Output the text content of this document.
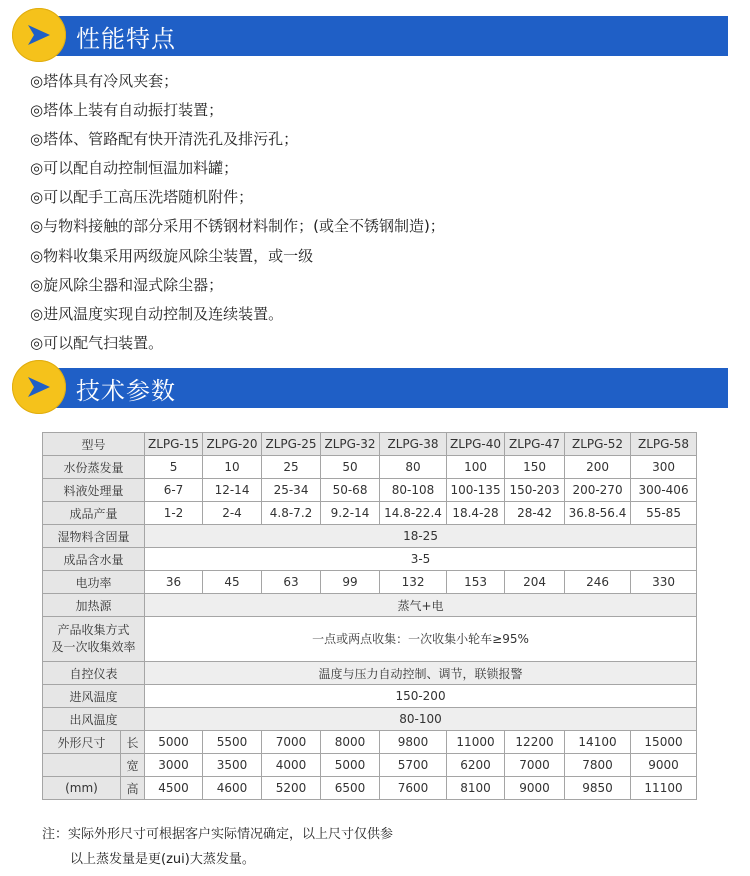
性能特点
◎塔体具有冷风夹套；
◎塔体上装有自动振打装置；
◎塔体、管路配有快开清洗孔及排污孔；
◎可以配自动控制恒温加料罐；
◎可以配手工高压洗塔随机附件；
◎与物料接触的部分采用不锈钢材料制作；(或全不锈钢制造)；
◎物料收集采用两级旋风除尘装置，或一级
◎旋风除尘器和湿式除尘器；
◎进风温度实现自动控制及连续装置。
◎可以配气扫装置。
技术参数
型号		ZLPG-15	ZLPG-20	ZLPG-25	ZLPG-32	ZLPG-38	ZLPG-40	ZLPG-47	ZLPG-52	ZLPG-58
水份蒸发量		5	10	25	50	80	100	150	200	300
料液处理量		6-7	12-14	25-34	50-68	80-108	100-135	150-203	200-270	300-406
成品产量		1-2	2-4	4.8-7.2	9.2-14	14.8-22.4	18.4-28	28-42	36.8-56.4	55-85
湿物料含固量		18-25								
成品含水量		3-5								
电功率		36	45	63	99	132	153	204	246	330
加热源		蒸气+电								

产品收集方式
及一次收集效率		一点或两点收集：一次收集小轮车≥95%								
自控仪表		温度与压力自动控制、调节，联锁报警								
进风温度		150-200								
出风温度		80-100								
外形尺寸	长	5000	5500	7000	8000	9800	11000	12200	14100	15000
	宽	3000	3500	4000	5000	5700	6200	7000	7800	9000
(mm)	高	4500	4600	5200	6500	7600	8100	9000	9850	11100
注：实际外形尺寸可根据客户实际情况确定，以上尺寸仅供参
以上蒸发量是更(zui)大蒸发量。
